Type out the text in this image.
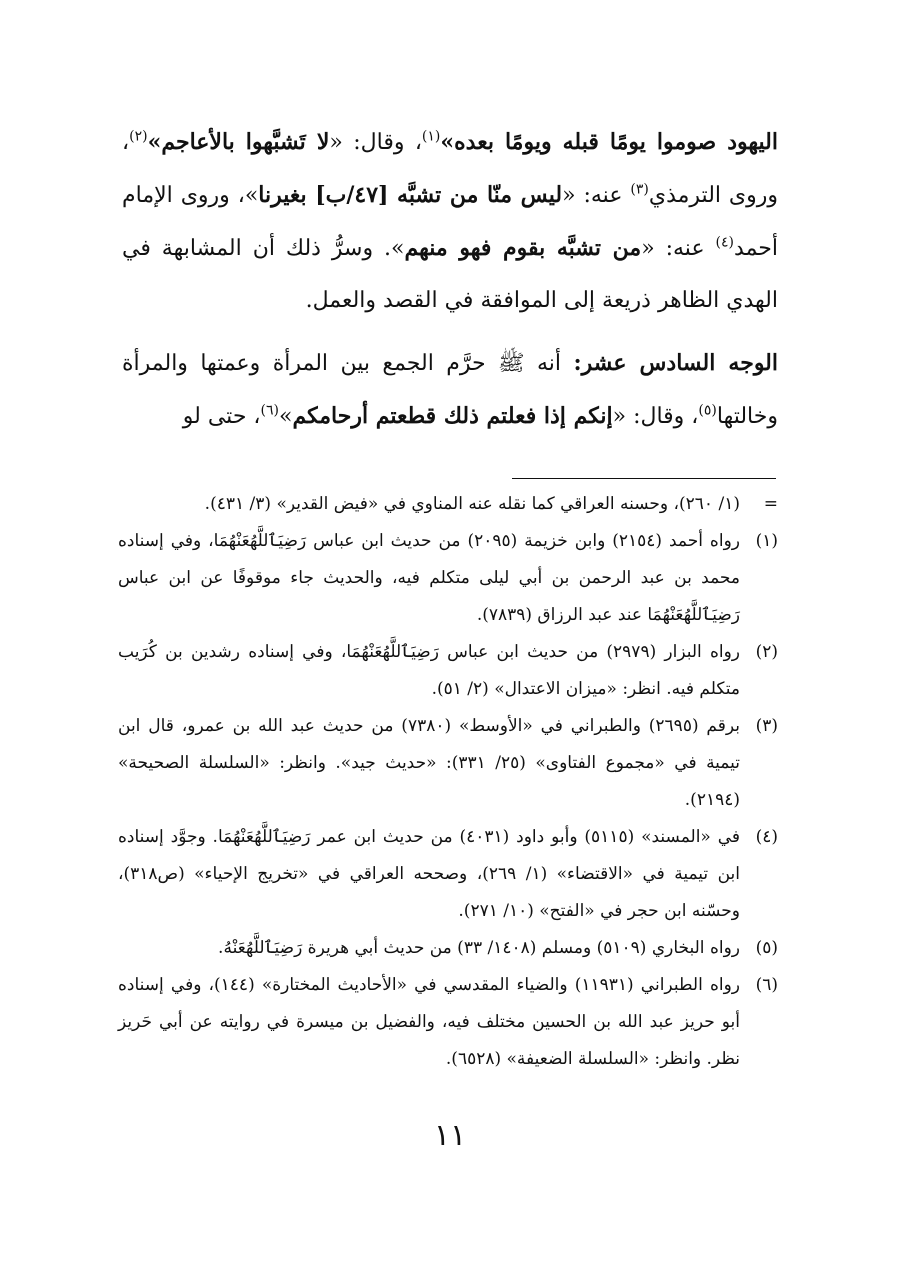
اليهود صوموا يومًا قبله ويومًا بعده»$^{(١)}$، وقال: «لا تَشبَّهوا بالأعاجم»$^{(٢)}$، وروى الترمذي$^{(٣)}$ عنه: «ليس منّا من تشبَّه [٤٧/ب] بغيرنا»، وروى الإمام أحمد$^{(٤)}$ عنه: «من تشبَّه بقوم فهو منهم». وسرُّ ذلك أن المشابهة في الهدي الظاهر ذريعة إلى الموافقة في القصد والعمل.

الوجه السادس عشر: أنه ﷺ حرَّم الجمع بين المرأة وعمتها والمرأة وخالتها$^{(٥)}$، وقال: «إنكم إذا فعلتم ذلك قطعتم أرحامكم»$^{(٦)}$، حتى لو

=
(١/ ٢٦٠)، وحسنه العراقي كما نقله عنه المناوي في «فيض القدير» (٣/ ٤٣١).
(١)
رواه أحمد (٢١٥٤) وابن خزيمة (٢٠٩٥) من حديث ابن عباس رَضِيَٱللَّهُعَنْهُمَا، وفي إسناده محمد بن عبد الرحمن بن أبي ليلى متكلم فيه، والحديث جاء موقوفًا عن ابن عباس رَضِيَٱللَّهُعَنْهُمَا عند عبد الرزاق (٧٨٣٩).
(٢)
رواه البزار (٢٩٧٩) من حديث ابن عباس رَضِيَٱللَّهُعَنْهُمَا، وفي إسناده رشدين بن كُرَيب متكلم فيه. انظر: «ميزان الاعتدال» (٢/ ٥١).
(٣)
برقم (٢٦٩٥) والطبراني في «الأوسط» (٧٣٨٠) من حديث عبد الله بن عمرو، قال ابن تيمية في «مجموع الفتاوى» (٢٥/ ٣٣١): «حديث جيد». وانظر: «السلسلة الصحيحة» (٢١٩٤).
(٤)
في «المسند» (٥١١٥) وأبو داود (٤٠٣١) من حديث ابن عمر رَضِيَٱللَّهُعَنْهُمَا. وجوَّد إسناده ابن تيمية في «الاقتضاء» (١/ ٢٦٩)، وصححه العراقي في «تخريج الإحياء» (ص٣١٨)، وحسّنه ابن حجر في «الفتح» (١٠/ ٢٧١).
(٥)
رواه البخاري (٥١٠٩) ومسلم (١٤٠٨/ ٣٣) من حديث أبي هريرة رَضِيَٱللَّهُعَنْهُ.
(٦)
رواه الطبراني (١١٩٣١) والضياء المقدسي في «الأحاديث المختارة» (١٤٤)، وفي إسناده أبو حريز عبد الله بن الحسين مختلف فيه، والفضيل بن ميسرة في روايته عن أبي حَريز نظر. وانظر: «السلسلة الضعيفة» (٦٥٢٨).
١١
